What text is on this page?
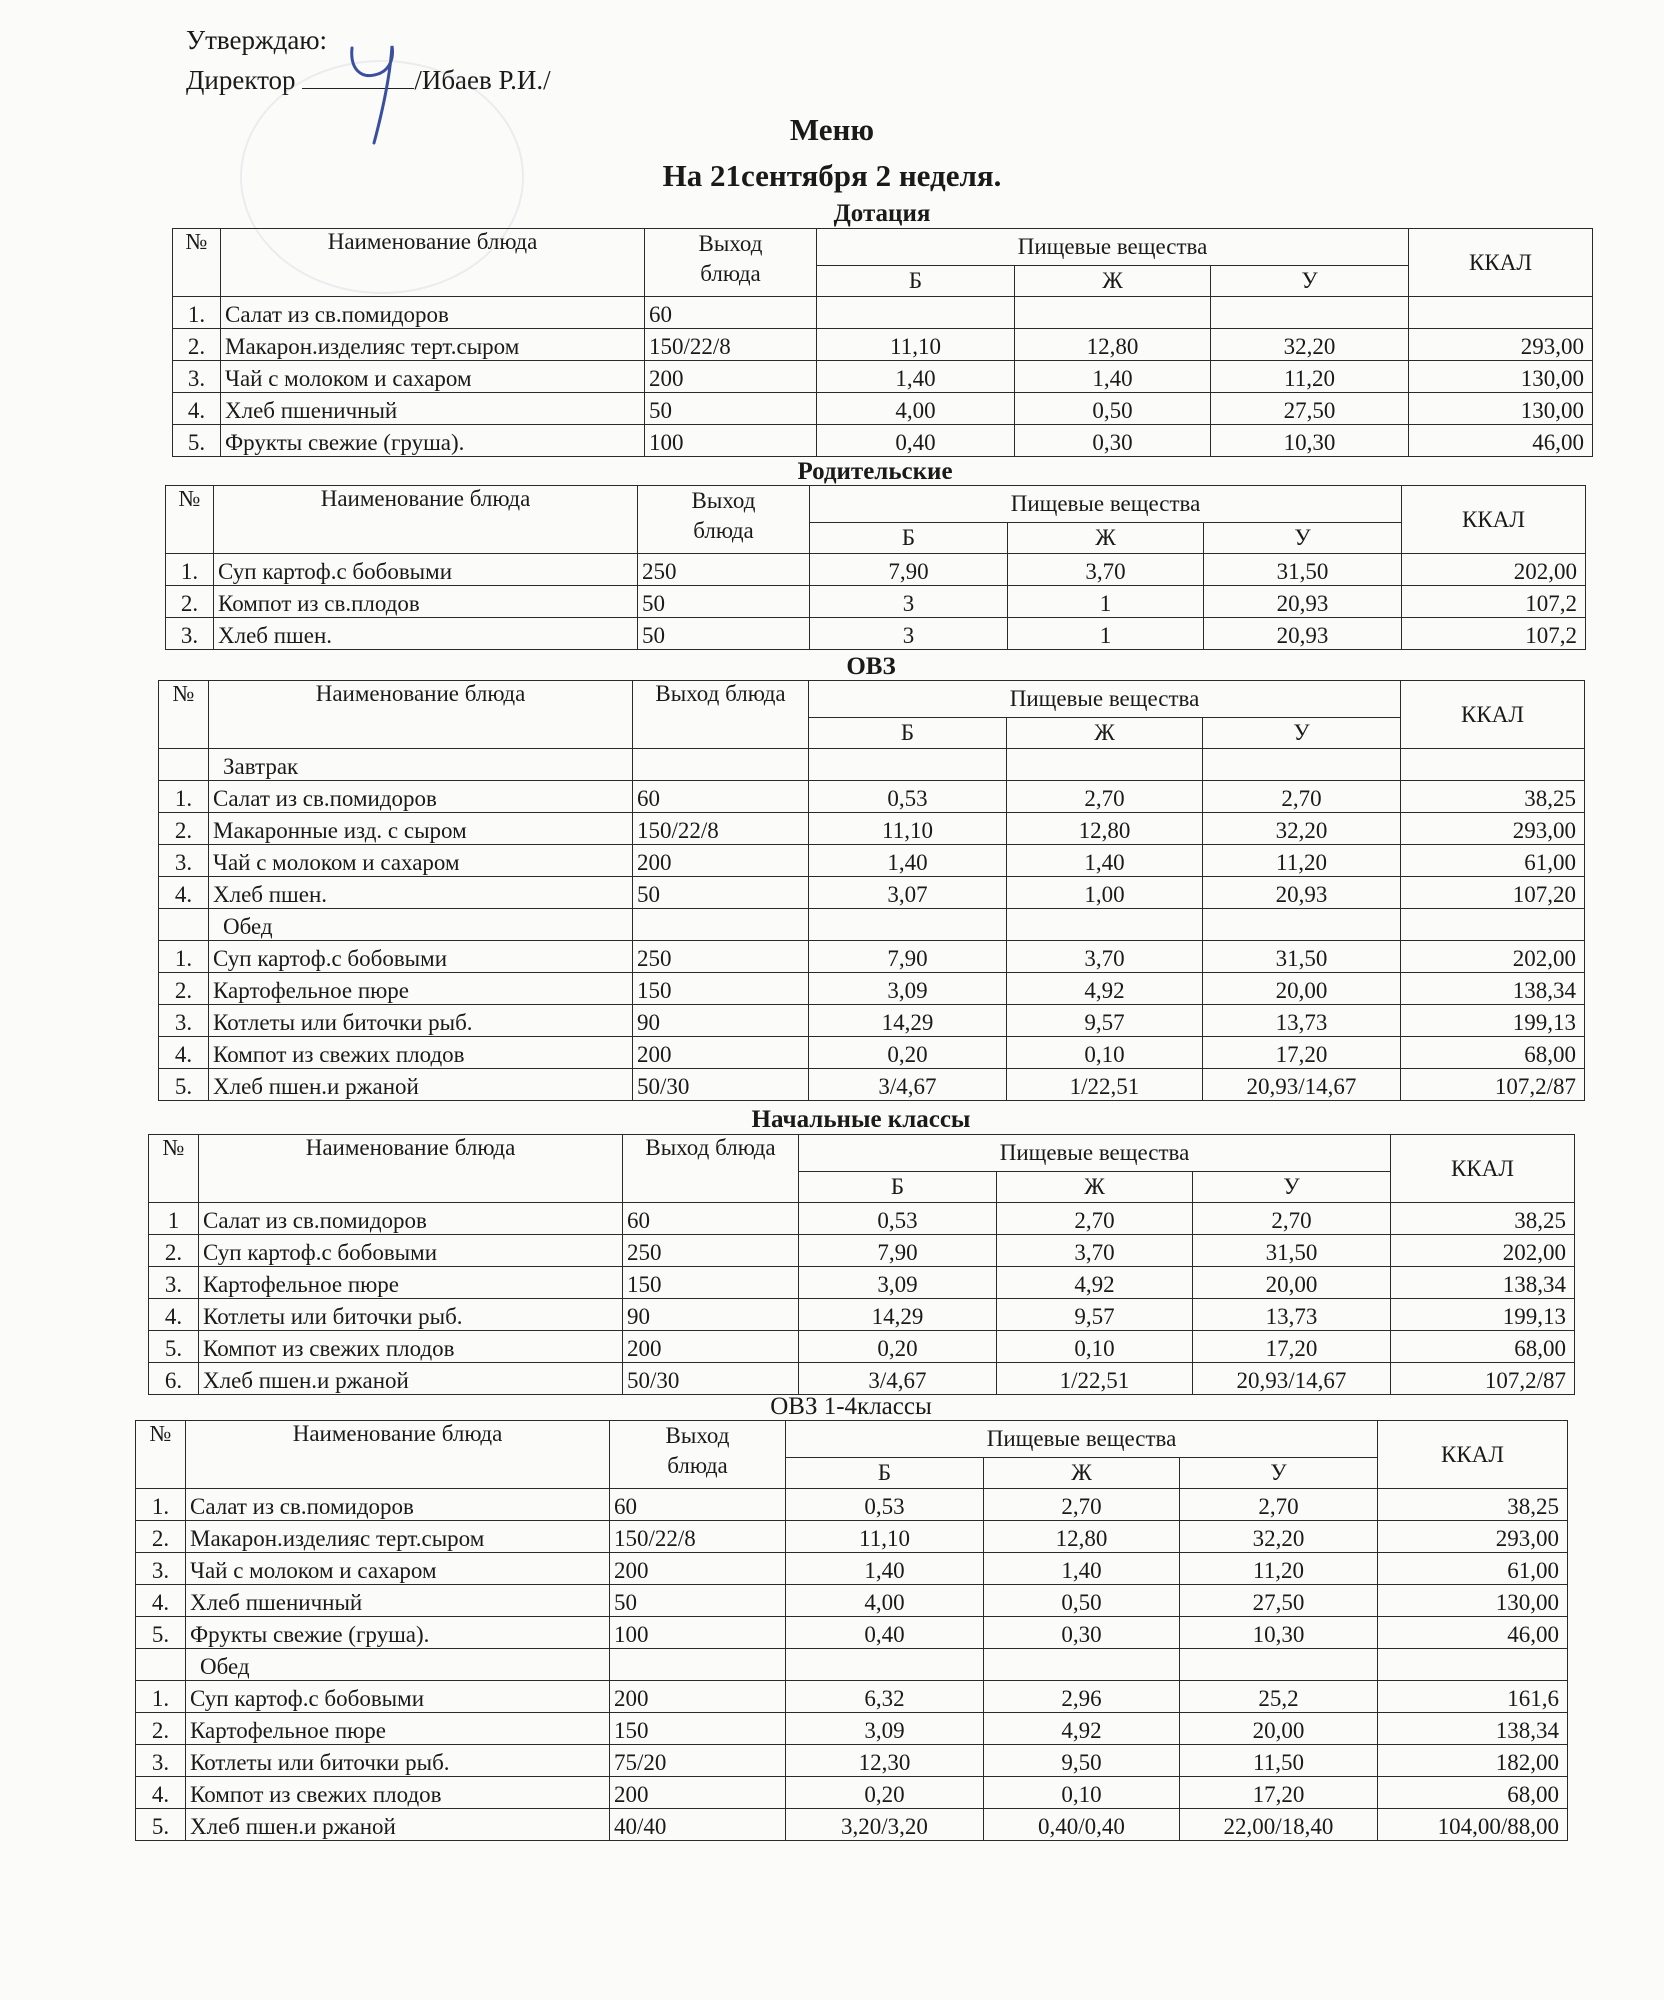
Утверждаю:
Директор	/Ибаев Р.И./
Меню
На 21сентября 2 неделя.
Дотация
№	Наименование блюда	Выход блюда	Пищевые вещества			ККАЛ
			Б	Ж	У	
1.	Салат из св.помидоров	60				
2.	Макарон.изделияс терт.сыром	150/22/8	11,10	12,80	32,20	293,00
3.	Чай с молоком и сахаром	200	1,40	1,40	11,20	130,00
4.	Хлеб пшеничный	50	4,00	0,50	27,50	130,00
5.	Фрукты свежие (груша).	100	0,40	0,30	10,30	46,00
Родительские
№	Наименование блюда	Выход блюда	Пищевые вещества			ККАЛ
			Б	Ж	У	
1.	Суп картоф.с бобовыми	250	7,90	3,70	31,50	202,00
2.	Компот из св.плодов	50	3	1	20,93	107,2
3.	Хлеб пшен.	50	3	1	20,93	107,2
ОВЗ
№	Наименование блюда	Выход блюда	Пищевые вещества			ККАЛ
			Б	Ж	У	
	Завтрак					
1.	Салат из св.помидоров	60	0,53	2,70	2,70	38,25
2.	Макаронные изд. с сыром	150/22/8	11,10	12,80	32,20	293,00
3.	Чай с молоком и сахаром	200	1,40	1,40	11,20	61,00
4.	Хлеб пшен.	50	3,07	1,00	20,93	107,20
	Обед					
1.	Суп картоф.с бобовыми	250	7,90	3,70	31,50	202,00
2.	Картофельное пюре	150	3,09	4,92	20,00	138,34
3.	Котлеты или биточки рыб.	90	14,29	9,57	13,73	199,13
4.	Компот из свежих плодов	200	0,20	0,10	17,20	68,00
5.	Хлеб пшен.и ржаной	50/30	3/4,67	1/22,51	20,93/14,67	107,2/87
Начальные классы
№	Наименование блюда	Выход блюда	Пищевые вещества			ККАЛ
			Б	Ж	У	
1	Салат из св.помидоров	60	0,53	2,70	2,70	38,25
2.	Суп картоф.с бобовыми	250	7,90	3,70	31,50	202,00
3.	Картофельное пюре	150	3,09	4,92	20,00	138,34
4.	Котлеты или биточки рыб.	90	14,29	9,57	13,73	199,13
5.	Компот из свежих плодов	200	0,20	0,10	17,20	68,00
6.	Хлеб пшен.и ржаной	50/30	3/4,67	1/22,51	20,93/14,67	107,2/87
ОВЗ 1-4классы
№	Наименование блюда	Выход блюда	Пищевые вещества			ККАЛ
			Б	Ж	У	
1.	Салат из св.помидоров	60	0,53	2,70	2,70	38,25
2.	Макарон.изделияс терт.сыром	150/22/8	11,10	12,80	32,20	293,00
3.	Чай с молоком и сахаром	200	1,40	1,40	11,20	61,00
4.	Хлеб пшеничный	50	4,00	0,50	27,50	130,00
5.	Фрукты свежие (груша).	100	0,40	0,30	10,30	46,00
	Обед					
1.	Суп картоф.с бобовыми	200	6,32	2,96	25,2	161,6
2.	Картофельное пюре	150	3,09	4,92	20,00	138,34
3.	Котлеты или биточки рыб.	75/20	12,30	9,50	11,50	182,00
4.	Компот из свежих плодов	200	0,20	0,10	17,20	68,00
5.	Хлеб пшен.и ржаной	40/40	3,20/3,20	0,40/0,40	22,00/18,40	104,00/88,00
